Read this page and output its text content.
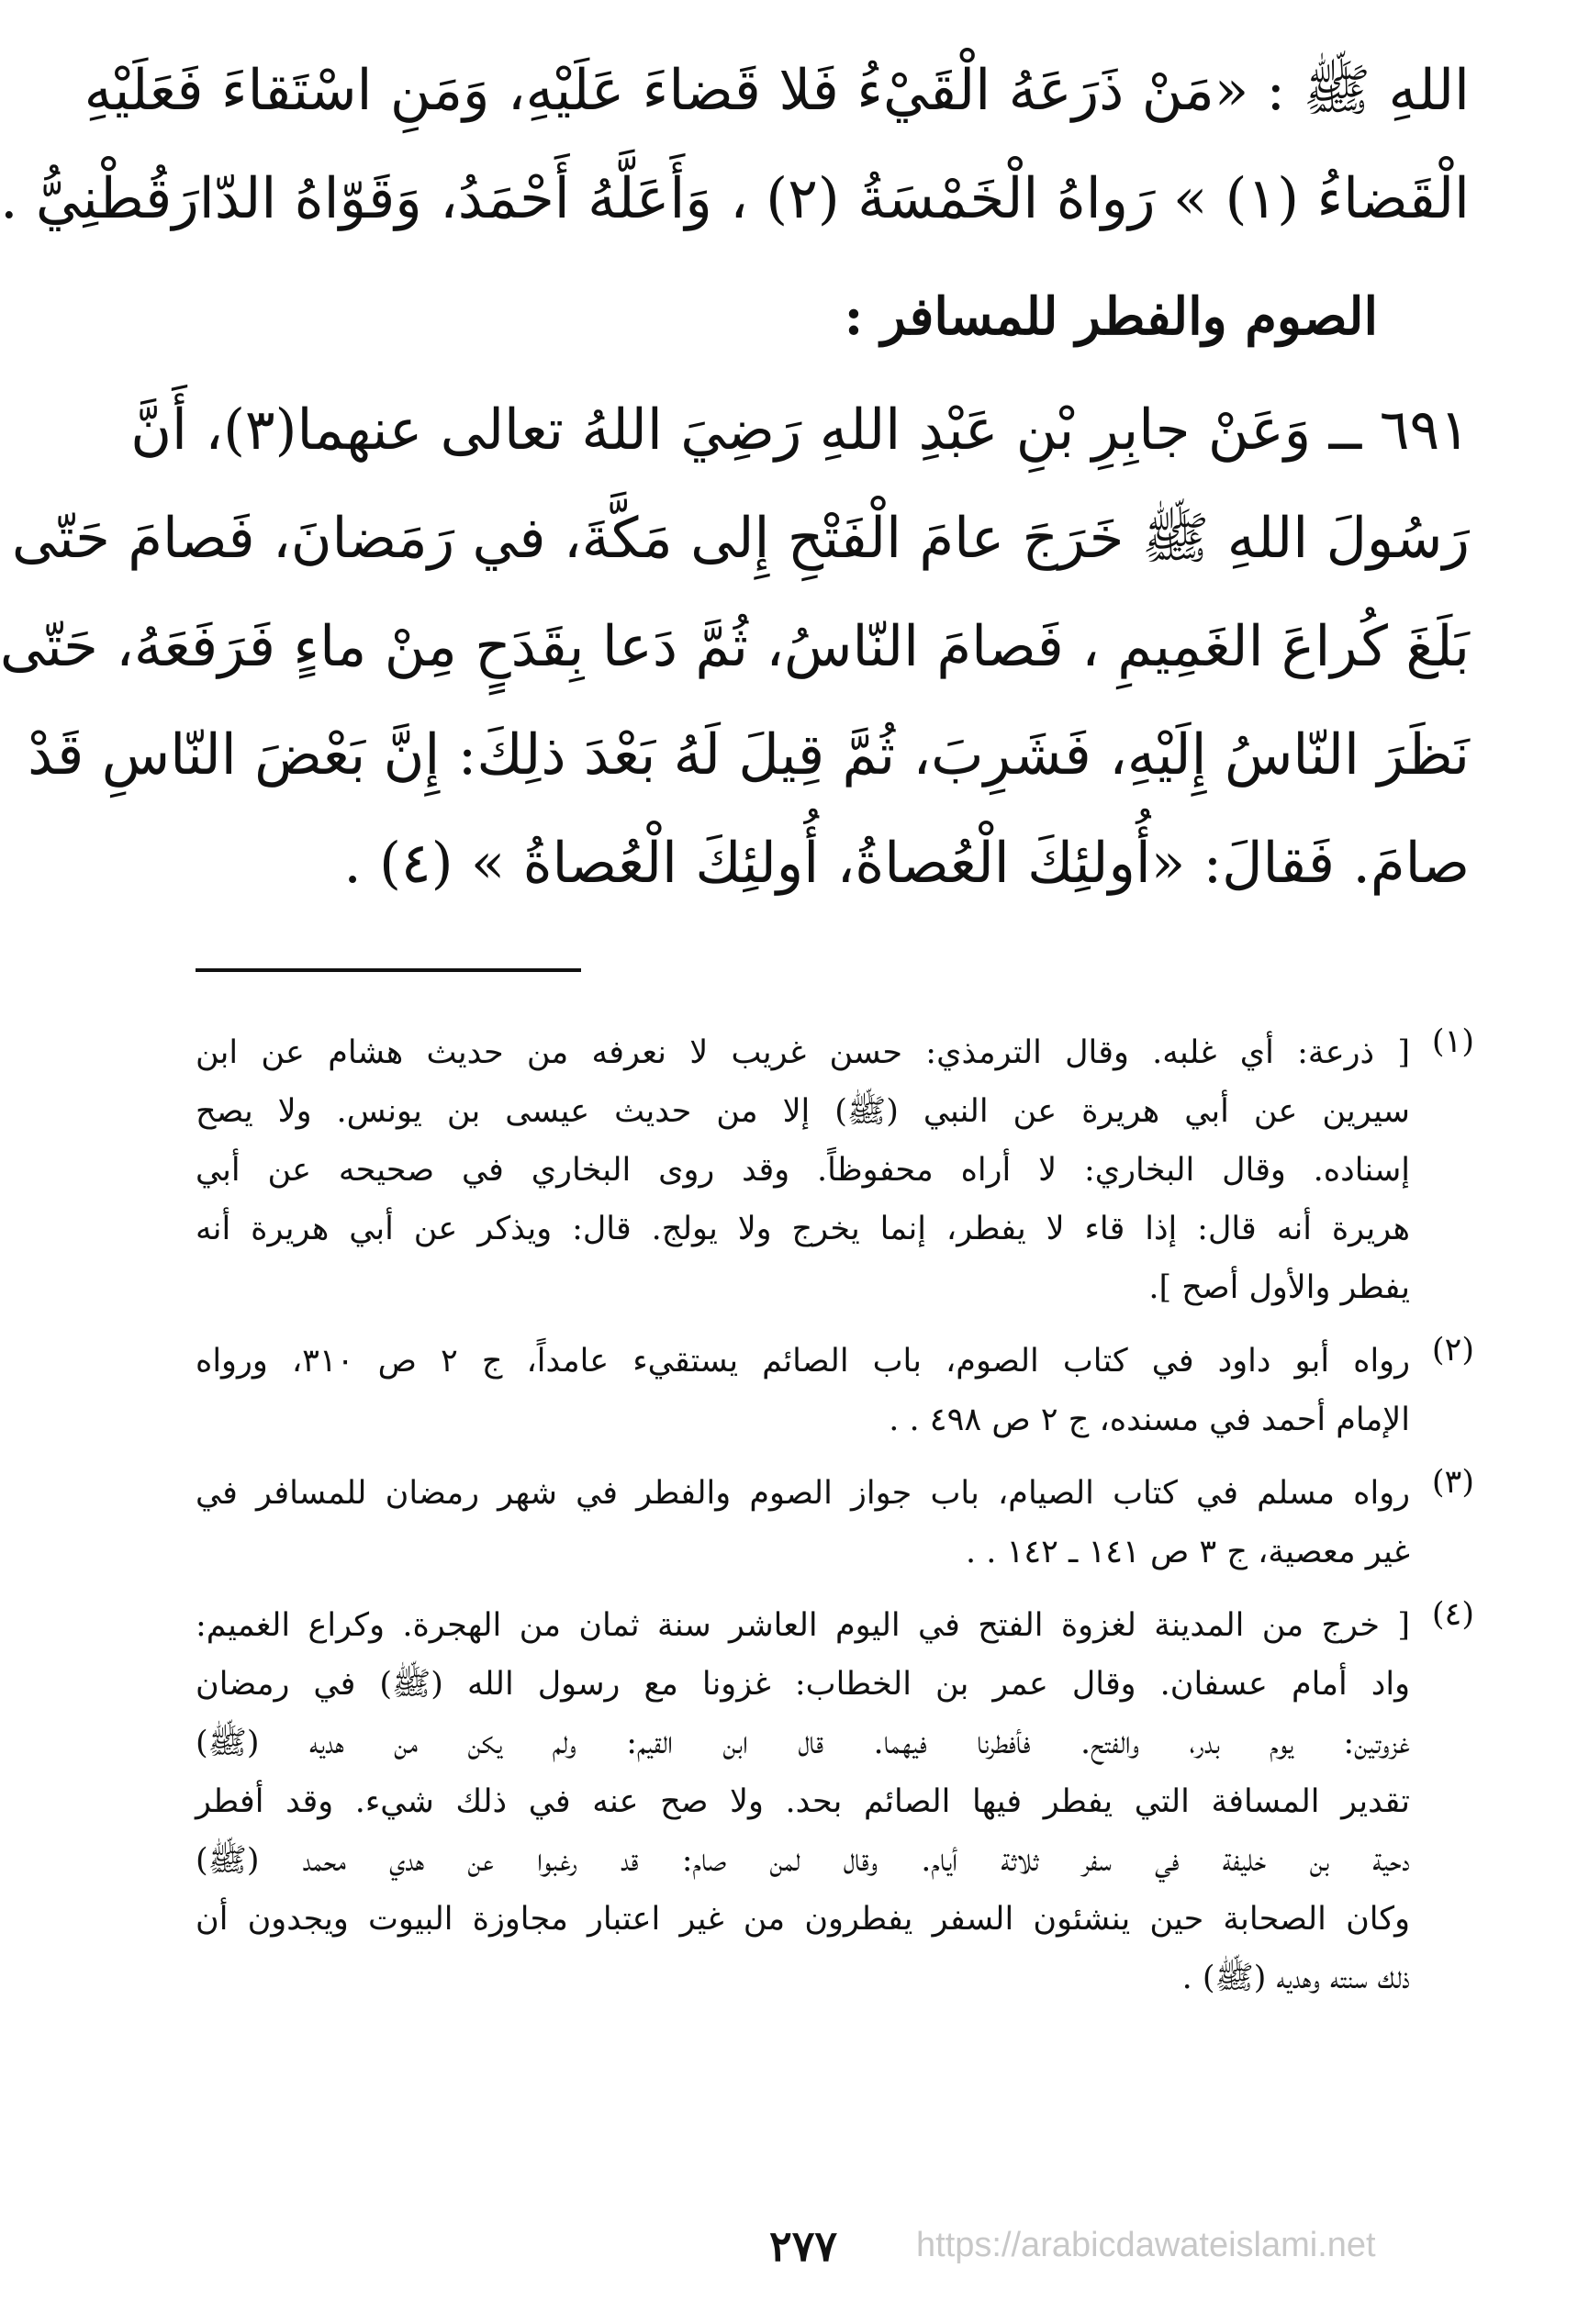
اللهِ ﷺ : «مَنْ ذَرَعَهُ الْقَيْءُ فَلا قَضاءَ عَلَيْهِ، وَمَنِ اسْتَقاءَ فَعَلَيْهِ
الْقَضاءُ (١) » رَواهُ الْخَمْسَةُ (٢) ، وَأَعَلَّهُ أَحْمَدُ، وَقَوّاهُ الدّارَقُطْنِيُّ .
الصوم والفطر للمسافر :
٦٩١ ــ وَعَنْ جابِرِ بْنِ عَبْدِ اللهِ رَضِيَ اللهُ تعالى عنهما(٣)، أَنَّ
رَسُولَ اللهِ ﷺ خَرَجَ عامَ الْفَتْحِ إِلى مَكَّةَ، في رَمَضانَ، فَصامَ حَتّى
بَلَغَ كُراعَ الغَمِيمِ ، فَصامَ النّاسُ، ثُمَّ دَعا بِقَدَحٍ مِنْ ماءٍ فَرَفَعَهُ، حَتّى
نَظَرَ النّاسُ إِلَيْهِ، فَشَرِبَ، ثُمَّ قِيلَ لَهُ بَعْدَ ذلِكَ: إِنَّ بَعْضَ النّاسِ قَدْ
صامَ. فَقالَ: «أُولئِكَ الْعُصاةُ، أُولئِكَ الْعُصاةُ » (٤) .
(١)
[ ذرعة: أي غلبه. وقال الترمذي: حسن غريب لا نعرفه من حديث هشام عن ابن
سيرين عن أبي هريرة عن النبي (ﷺ) إلا من حديث عيسى بن يونس. ولا يصح
إسناده. وقال البخاري: لا أراه محفوظاً. وقد روى البخاري في صحيحه عن أبي
هريرة أنه قال: إذا قاء لا يفطر، إنما يخرج ولا يولج. قال: ويذكر عن أبي هريرة أنه
يفطر والأول أصح ].
(٢)
رواه أبو داود في كتاب الصوم، باب الصائم يستقيء عامداً، ج ٢ ص ٣١٠، ورواه
الإمام أحمد في مسنده، ج ٢ ص ٤٩٨ . .
(٣)
رواه مسلم في كتاب الصيام، باب جواز الصوم والفطر في شهر رمضان للمسافر في
غير معصية، ج ٣ ص ١٤١ ـ ١٤٢ . .
(٤)
[ خرج من المدينة لغزوة الفتح في اليوم العاشر سنة ثمان من الهجرة. وكراع الغميم:
واد أمام عسفان. وقال عمر بن الخطاب: غزونا مع رسول الله (ﷺ) في رمضان
غزوتين: يوم بدر، والفتح. فأفطرنا فيهما. قال ابن القيم: ولم يكن من هديه (ﷺ)
تقدير المسافة التي يفطر فيها الصائم بحد. ولا صح عنه في ذلك شيء. وقد أفطر
دحية بن خليفة في سفر ثلاثة أيام. وقال لمن صام: قد رغبوا عن هدي محمد (ﷺ)
وكان الصحابة حين ينشئون السفر يفطرون من غير اعتبار مجاوزة البيوت ويجدون أن
ذلك سنته وهديه (ﷺ) .
٢٧٧ https://arabicdawateislami.net
